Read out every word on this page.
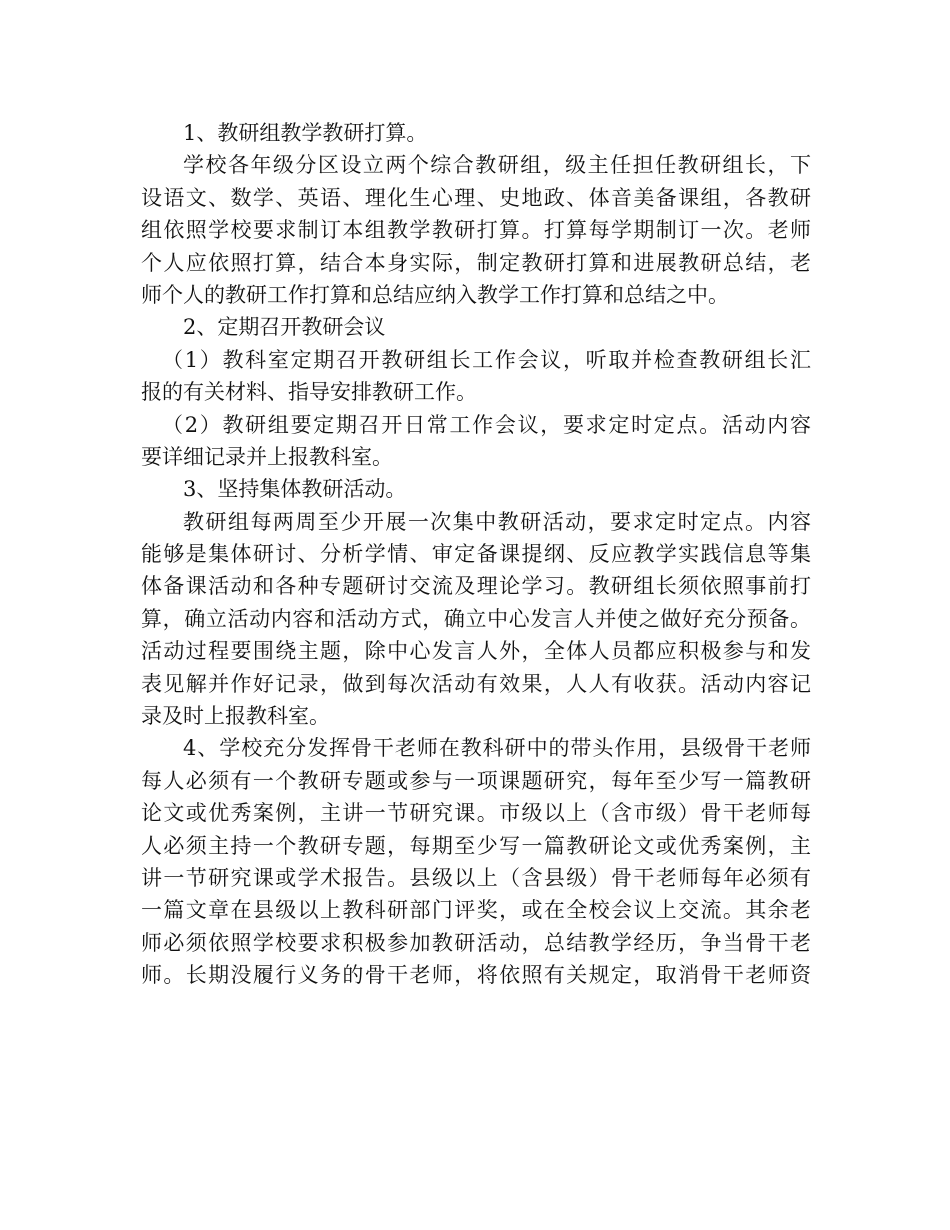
1、教研组教学教研打算。
学校各年级分区设立两个综合教研组，级主任担任教研组长，下
设语文、数学、英语、理化生心理、史地政、体音美备课组，各教研
组依照学校要求制订本组教学教研打算。打算每学期制订一次。老师
个人应依照打算，结合本身实际，制定教研打算和进展教研总结，老
师个人的教研工作打算和总结应纳入教学工作打算和总结之中。
2、定期召开教研会议
（1）教科室定期召开教研组长工作会议，听取并检查教研组长汇
报的有关材料、指导安排教研工作。
（2）教研组要定期召开日常工作会议，要求定时定点。活动内容
要详细记录并上报教科室。
3、坚持集体教研活动。
教研组每两周至少开展一次集中教研活动，要求定时定点。内容
能够是集体研讨、分析学情、审定备课提纲、反应教学实践信息等集
体备课活动和各种专题研讨交流及理论学习。教研组长须依照事前打
算，确立活动内容和活动方式，确立中心发言人并使之做好充分预备。
活动过程要围绕主题，除中心发言人外，全体人员都应积极参与和发
表见解并作好记录，做到每次活动有效果，人人有收获。活动内容记
录及时上报教科室。
4、学校充分发挥骨干老师在教科研中的带头作用，县级骨干老师
每人必须有一个教研专题或参与一项课题研究，每年至少写一篇教研
论文或优秀案例，主讲一节研究课。市级以上（含市级）骨干老师每
人必须主持一个教研专题，每期至少写一篇教研论文或优秀案例，主
讲一节研究课或学术报告。县级以上（含县级）骨干老师每年必须有
一篇文章在县级以上教科研部门评奖，或在全校会议上交流。其余老
师必须依照学校要求积极参加教研活动，总结教学经历，争当骨干老
师。长期没履行义务的骨干老师，将依照有关规定，取消骨干老师资
